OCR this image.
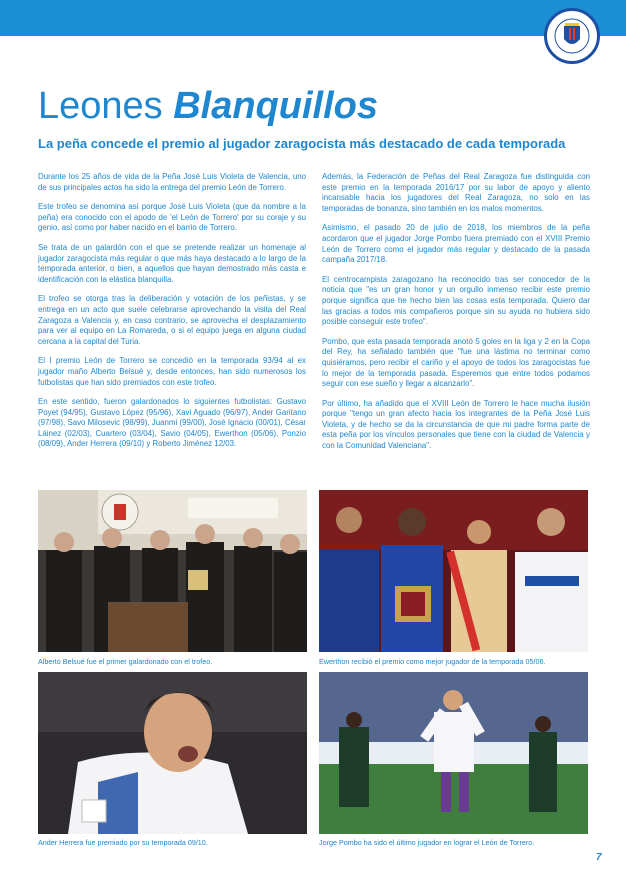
Leones Blanquillos
La peña concede el premio al jugador zaragocista más destacado de cada temporada

Durante los 25 años de vida de la Peña José Luis Violeta de Valencia, uno de sus principales actos ha sido la entrega del premio León de Torrero.

Este trofeo se denomina así porque José Luis Violeta (que da nombre a la peña) era conocido con el apodo de 'el León de Torrero' por su coraje y su genio, así como por haber nacido en el barrio de Torrero.

Se trata de un galardón con el que se pretende realizar un homenaje al jugador zaragocista más regular o que más haya destacado a lo largo de la temporada anterior, o bien, a aquellos que hayan demostrado más casta e identificación con la elástica blanquilla.

El trofeo se otorga tras la deliberación y votación de los peñistas, y se entrega en un acto que suele celebrarse aprovechando la visita del Real Zaragoza a Valencia y, en caso contrario, se aprovecha el desplazamiento para ver al equipo en La Romareda, o si el equipo juega en alguna ciudad cercana a la capital del Turia.

El I premio León de Torrero se concedió en la temporada 93/94 al ex jugador maño Alberto Belsué y, desde entonces, han sido numerosos los futbolistas que han sido premiados con este trofeo.

En este sentido, fueron galardonados lo siguientes futbolistas: Gustavo Poyet (94/95), Gustavo López (95/96), Xavi Aguado (96/97), Ander Garitano (97/98), Savo Milosevic (98/99), Juanmi (99/00), José Ignacio (00/01), César Láinez (02/03), Cuartero (03/04), Savio (04/05), Ewerthon (05/06), Ponzio (08/09), Ander Herrera (09/10) y Roberto Jiménez 12/03.

Además, la Federación de Peñas del Real Zaragoza fue distinguida con este premio en la temporada 2016/17 por su labor de apoyo y aliento incansable hacia los jugadores del Real Zaragoza, no solo en las temporadas de bonanza, sino también en los malos momentos.

Asimismo, el pasado 20 de julio de 2018, los miembros de la peña acordaron que el jugador Jorge Pombo fuera premiado con el XVIII Premio León de Torrero como el jugador más regular y destacado de la pasada campaña 2017/18.

El centrocampista zaragozano ha reconocido tras ser conocedor de la noticia que "es un gran honor y un orgullo inmenso recibir este premio porque significa que he hecho bien las cosas esta temporada. Quiero dar las gracias a todos mis compañeros porque sin su ayuda no hubiera sido posible conseguir este trofeo".

Pombo, que esta pasada temporada anotó 5 goles en la liga y 2 en la Copa del Rey, ha señalado también que "fue una lástima no terminar como quisiéramos, pero recibir el cariño y el apoyo de todos los zaragocistas fue lo mejor de la temporada pasada. Esperemos que entre todos podamos seguir con ese sueño y llegar a alcanzarlo".

Por último, ha añadido que el XVIII León de Torrero le hace mucha ilusión porque "tengo un gran afecto hacia los integrantes de la Peña José Luis Violeta, y de hecho se da la circunstancia de que mi padre forma parte de esta peña por los vínculos personales que tiene con la ciudad de Valencia y con la Comunidad Valenciana".

Alberto Belsué fue el primer galardonado con el trofeo.	Ewerthon recibió el premio como mejor jugador de la temporada 05/06.
Ander Herrera fue premiado por su temporada 09/10.	Jorge Pombo ha sido el último jugador en lograr el León de Torrero.
7
